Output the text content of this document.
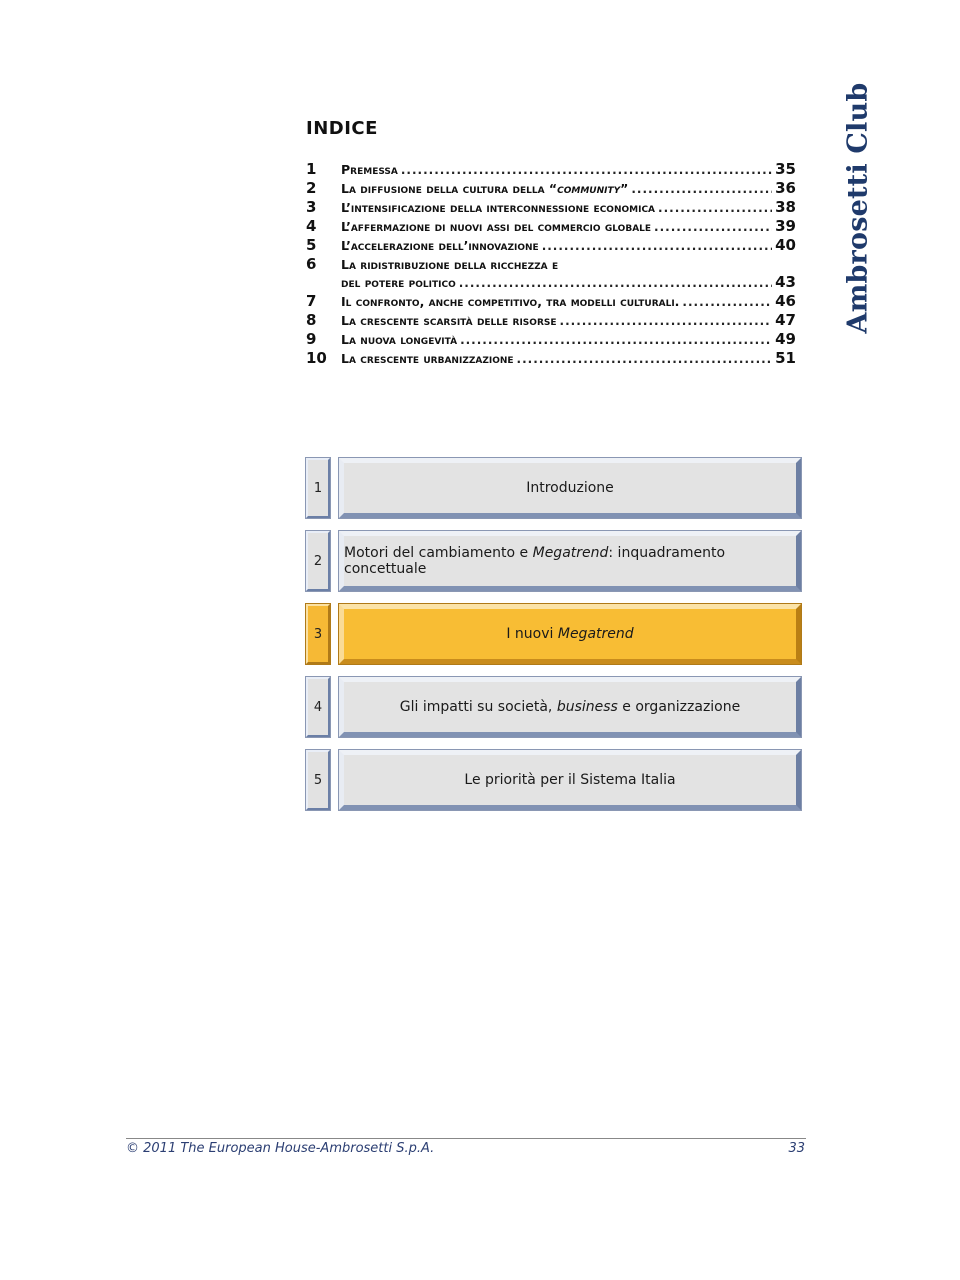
Ambrosetti Club
INDICE
1	Premessa .....	35
2	La diffusione della cultura della “community” .....	36
3	L’intensificazione della interconnessione economica .....	38
4	L’affermazione di nuovi assi del commercio globale .....	39
5	L’accelerazione dell’innovazione .....	40
6	La ridistribuzione della ricchezza e
del potere politico .....	43
7	Il confronto, anche competitivo, tra modelli culturali. .....	46
8	La crescente scarsità delle risorse .....	47
9	La nuova longevità .....	49
10	La crescente urbanizzazione .....	51
1	Introduzione
2	Motori del cambiamento e Megatrend: inquadramento concettuale
3	I nuovi Megatrend
4	Gli impatti su società, business e organizzazione
5	Le priorità per il Sistema Italia
© 2011 The European House-Ambrosetti S.p.A.	33
